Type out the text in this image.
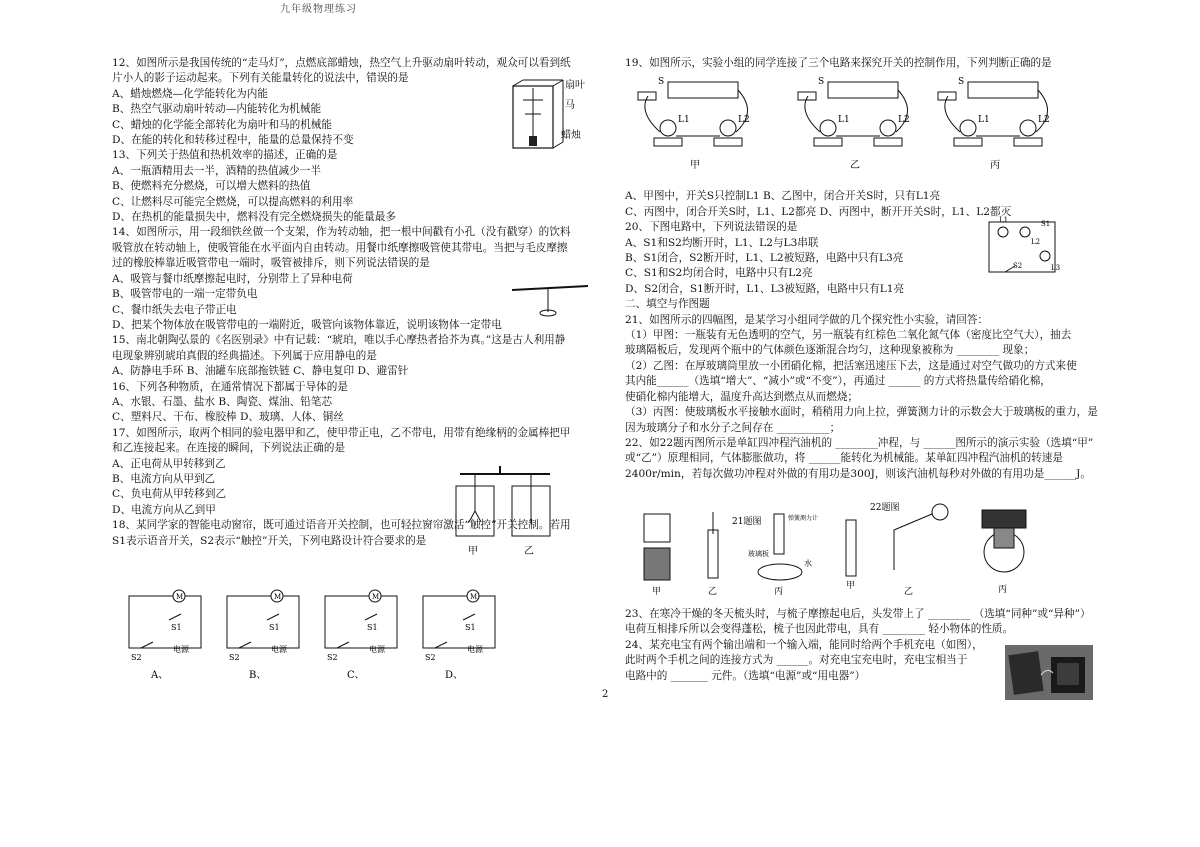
九年级物理练习

12、如图所示是我国传统的“走马灯”，点燃底部蜡烛，热空气上升驱动扇叶转动，观众可以看到纸

片小人的影子运动起来。下列有关能量转化的说法中，错误的是

A、蜡烛燃烧—化学能转化为内能

B、热空气驱动扇叶转动—内能转化为机械能

C、蜡烛的化学能全部转化为扇叶和马的机械能

D、在能的转化和转移过程中，能量的总量保持不变

13、下列关于热值和热机效率的描述，正确的是

A、一瓶酒精用去一半，酒精的热值减少一半

B、使燃料充分燃烧，可以增大燃料的热值

C、让燃料尽可能完全燃烧，可以提高燃料的利用率

D、在热机的能量损失中，燃料没有完全燃烧损失的能量最多

14、如图所示，用一段细铁丝做一个支架，作为转动轴，把一根中间戳有小孔（没有戳穿）的饮料

吸管放在转动轴上，使吸管能在水平面内自由转动。用餐巾纸摩擦吸管使其带电。当把与毛皮摩擦

过的橡胶棒靠近吸管带电一端时，吸管被排斥，则下列说法错误的是

A、吸管与餐巾纸摩擦起电时，分别带上了异种电荷

B、吸管带电的一端一定带负电

C、餐巾纸失去电子带正电

D、把某个物体放在吸管带电的一端附近，吸管向该物体靠近，说明该物体一定带电

15、南北朝陶弘景的《名医别录》中有记载：“琥珀，唯以手心摩热者拾芥为真。”这是古人利用静

电现象辨别琥珀真假的经典描述。下列属于应用静电的是

A、防静电手环 B、油罐车底部拖铁链 C、静电复印 D、避雷针

16、下列各种物质，在通常情况下都属于导体的是

A、水银、石墨、盐水 B、陶瓷、煤油、铅笔芯

C、塑料尺、干布、橡胶棒 D、玻璃、人体、铜丝

17、如图所示，取两个相同的验电器甲和乙，使甲带正电，乙不带电，用带有绝缘柄的金属棒把甲

和乙连接起来。在连接的瞬间，下列说法正确的是

A、正电荷从甲转移到乙

B、电流方向从甲到乙

C、负电荷从甲转移到乙

D、电流方向从乙到甲

18、某同学家的智能电动窗帘，既可通过语音开关控制，也可轻拉窗帘激活“触控”开关控制。若用

S1表示语音开关，S2表示“触控”开关，下列电路设计符合要求的是

19、如图所示，实验小组的同学连接了三个电路来探究开关的控制作用，下列判断正确的是

A、甲图中，开关S只控制L1 B、乙图中，闭合开关S时，只有L1亮

C、丙图中，闭合开关S时，L1、L2都亮 D、丙图中，断开开关S时，L1、L2都灭

20、下图电路中，下列说法错误的是

A、S1和S2均断开时，L1、L2与L3串联

B、S1闭合，S2断开时，L1、L2被短路，电路中只有L3亮

C、S1和S2均闭合时，电路中只有L2亮

D、S2闭合，S1断开时，L1、L3被短路，电路中只有L1亮

二、填空与作图题

21、如图所示的四幅图，是某学习小组同学做的几个探究性小实验，请回答：

（1）甲图：一瓶装有无色透明的空气，另一瓶装有红棕色二氧化氮气体（密度比空气大），抽去

玻璃隔板后，发现两个瓶中的气体颜色逐渐混合均匀，这种现象被称为 ________ 现象；

（2）乙图：在厚玻璃筒里放一小团硝化棉，把活塞迅速压下去，这是通过对空气做功的方式来使

其内能______（选填“增大”、“减小”或“不变”），再通过 ______ 的方式将热量传给硝化棉，

使硝化棉内能增大，温度升高达到燃点从而燃烧；

（3）丙图：使玻璃板水平接触水面时，稍稍用力向上拉，弹簧测力计的示数会大于玻璃板的重力，是

因为玻璃分子和水分子之间存在 __________；

22、如22题丙图所示是单缸四冲程汽油机的 ________冲程，与 ______图所示的演示实验（选填“甲”

或“乙”）原理相同，气体膨胀做功，将 ______能转化为机械能。某单缸四冲程汽油机的转速是

2400r/min，若每次做功冲程对外做的有用功是300J，则该汽油机每秒对外做的有用功是______J。

23、在寒冷干燥的冬天梳头时，与梳子摩擦起电后，头发带上了 ________ （选填“同种”或“异种”）

电荷互相排斥所以会变得蓬松，梳子也因此带电，具有 ________ 轻小物体的性质。

24、某充电宝有两个输出端和一个输入端，能同时给两个手机充电（如图），

此时两个手机之间的连接方式为 ______。对充电宝充电时，充电宝相当于

电路中的 _______ 元件。（选填“电源”或“用电器”）

2
扇叶
马
蜡烛
甲	乙
M
S2
电源
S1
A、
M
S2
电源
S1
B、
M
S2
电源
S1
C、
M
S2
电源
S1
D、
S
L1	L2
甲
S
L1	L2
乙
S
L1	L2
丙
L1
L2
L3
S1
S2
21题图
22题图
甲	乙
弹簧测力计
玻璃板
水
丙
甲
乙	丙
